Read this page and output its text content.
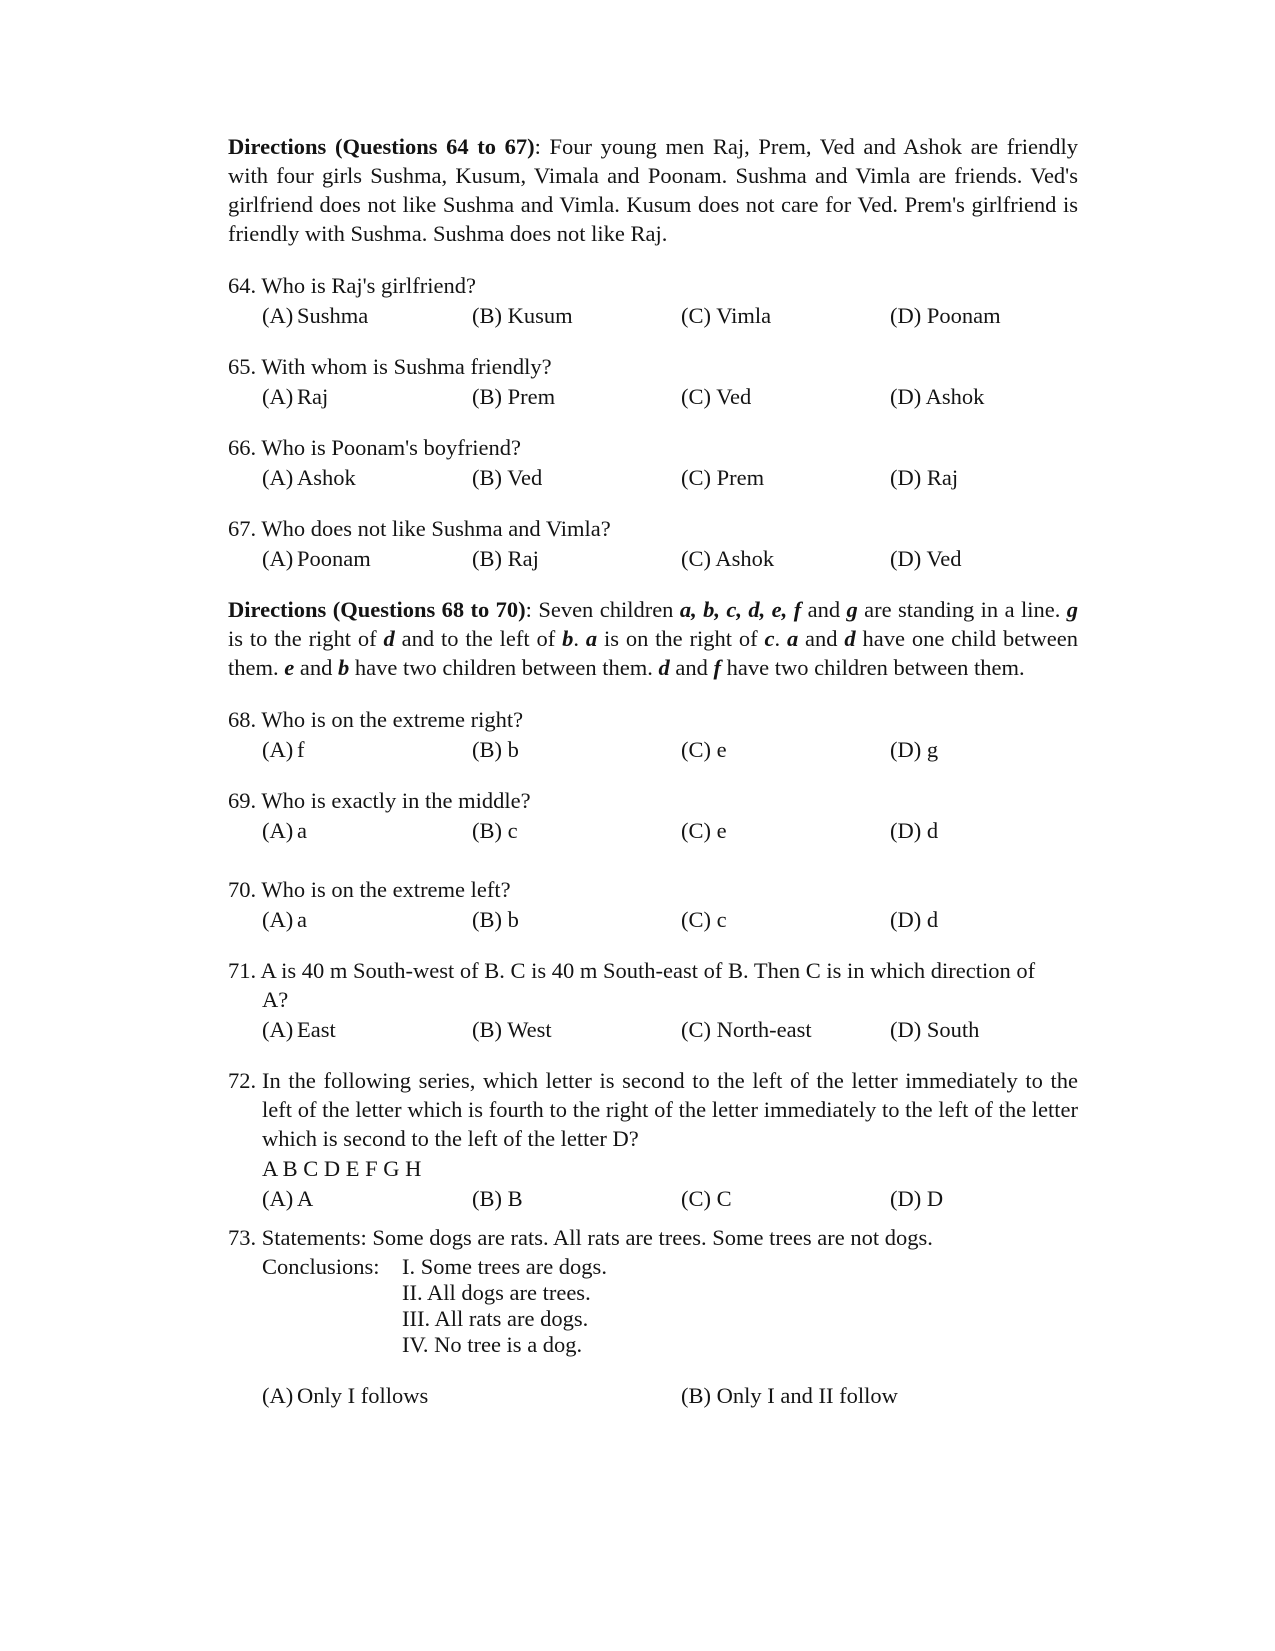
Directions (Questions 64 to 67): Four young men Raj, Prem, Ved and Ashok are friendly with four girls Sushma, Kusum, Vimala and Poonam. Sushma and Vimla are friends. Ved's girlfriend does not like Sushma and Vimla. Kusum does not care for Ved. Prem's girlfriend is friendly with Sushma. Sushma does not like Raj.
64. Who is Raj's girlfriend?
(A) Sushma	(B) Kusum	(C) Vimla	(D) Poonam
65. With whom is Sushma friendly?
(A) Raj	(B) Prem	(C) Ved	(D) Ashok
66. Who is Poonam's boyfriend?
(A) Ashok	(B) Ved	(C) Prem	(D) Raj
67. Who does not like Sushma and Vimla?
(A) Poonam	(B) Raj	(C) Ashok	(D) Ved
Directions (Questions 68 to 70): Seven children a, b, c, d, e, f and g are standing in a line. g is to the right of d and to the left of b. a is on the right of c. a and d have one child between them. e and b have two children between them. d and f have two children between them.
68. Who is on the extreme right?
(A) f	(B) b	(C) e	(D) g
69. Who is exactly in the middle?
(A) a	(B) c	(C) e	(D) d
70. Who is on the extreme left?
(A) a	(B) b	(C) c	(D) d
71. A is 40 m South-west of B. C is 40 m South-east of B. Then C is in which direction of
A?
(A) East	(B) West	(C) North-east	(D) South
72. In the following series, which letter is second to the left of the letter immediately to the left of the letter which is fourth to the right of the letter immediately to the left of the letter which is second to the left of the letter D?
A B C D E F G H
(A) A	(B) B	(C) C	(D) D
73. Statements: Some dogs are rats. All rats are trees. Some trees are not dogs.
Conclusions: I. Some trees are dogs.
II. All dogs are trees.
III. All rats are dogs.
IV. No tree is a dog.
(A) Only I follows	(B) Only I and II follow
